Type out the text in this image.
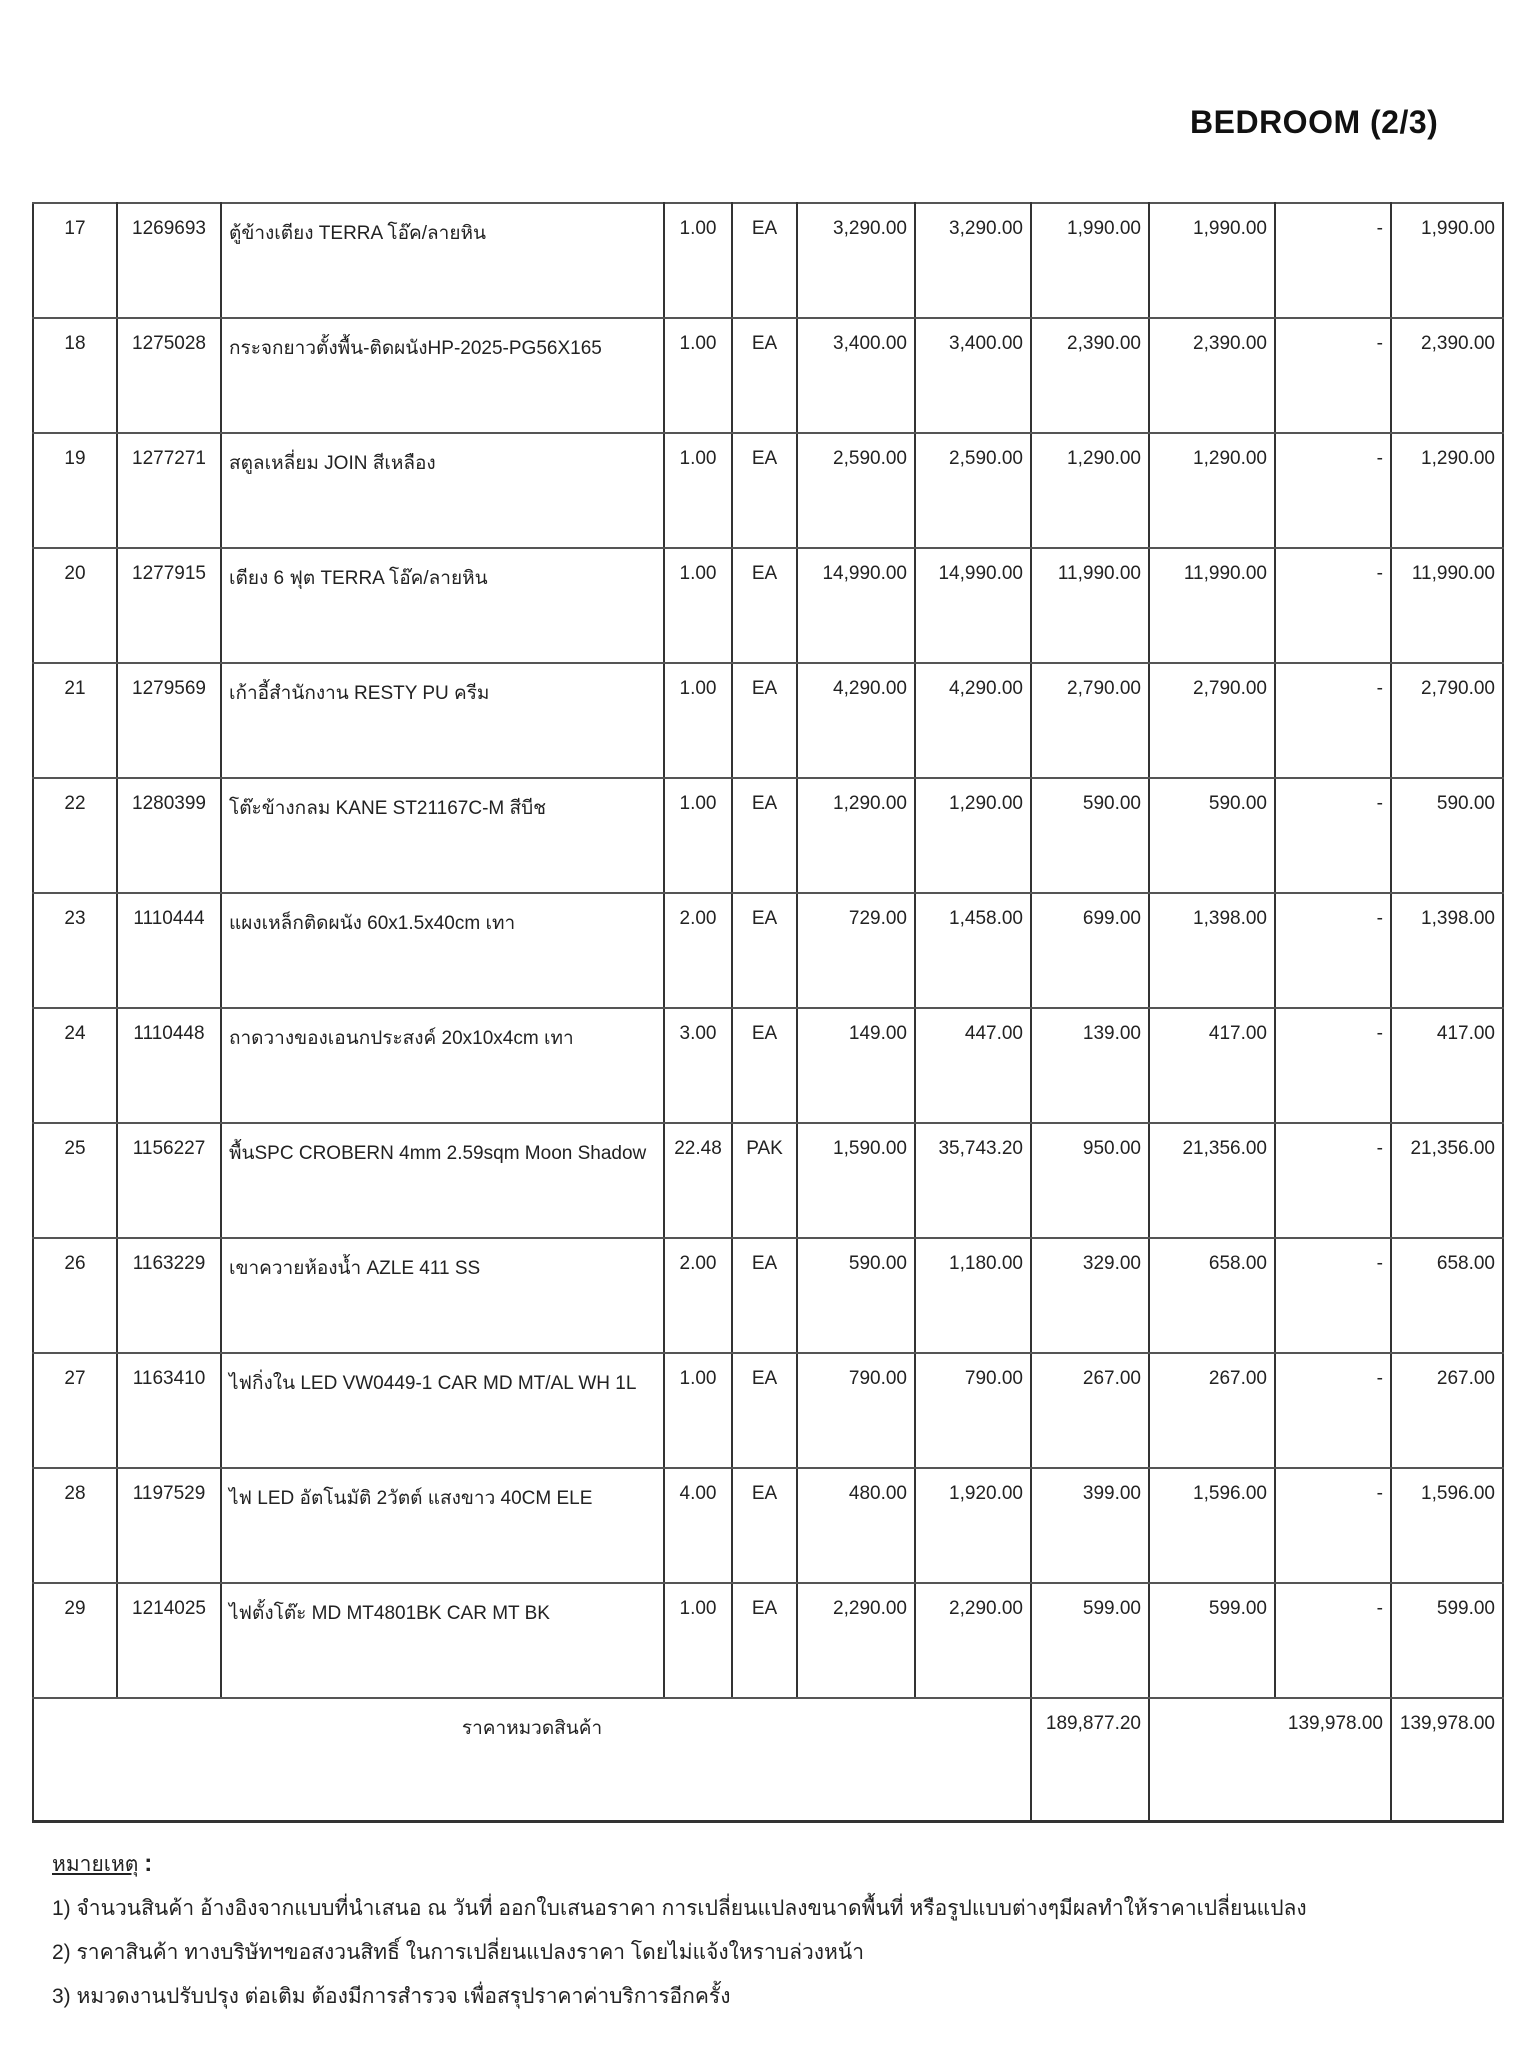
BEDROOM (2/3)
17	1269693	ตู้ข้างเตียง TERRA โอ๊ค/ลายหิน	1.00	EA	3,290.00	3,290.00	1,990.00	1,990.00	-	1,990.00
18	1275028	กระจกยาวตั้งพื้น-ติดผนังHP-2025-PG56X165	1.00	EA	3,400.00	3,400.00	2,390.00	2,390.00	-	2,390.00
19	1277271	สตูลเหลี่ยม JOIN สีเหลือง	1.00	EA	2,590.00	2,590.00	1,290.00	1,290.00	-	1,290.00
20	1277915	เตียง 6 ฟุต TERRA โอ๊ค/ลายหิน	1.00	EA	14,990.00	14,990.00	11,990.00	11,990.00	-	11,990.00
21	1279569	เก้าอี้สำนักงาน RESTY PU ครีม	1.00	EA	4,290.00	4,290.00	2,790.00	2,790.00	-	2,790.00
22	1280399	โต๊ะข้างกลม KANE ST21167C-M สีบีช	1.00	EA	1,290.00	1,290.00	590.00	590.00	-	590.00
23	1110444	แผงเหล็กติดผนัง 60x1.5x40cm เทา	2.00	EA	729.00	1,458.00	699.00	1,398.00	-	1,398.00
24	1110448	ถาดวางของเอนกประสงค์ 20x10x4cm เทา	3.00	EA	149.00	447.00	139.00	417.00	-	417.00
25	1156227	พื้นSPC CROBERN 4mm 2.59sqm Moon Shadow	22.48	PAK	1,590.00	35,743.20	950.00	21,356.00	-	21,356.00
26	1163229	เขาควายห้องน้ำ AZLE 411 SS	2.00	EA	590.00	1,180.00	329.00	658.00	-	658.00
27	1163410	ไฟกิ่งใน LED VW0449-1 CAR MD MT/AL WH 1L	1.00	EA	790.00	790.00	267.00	267.00	-	267.00
28	1197529	ไฟ LED อัตโนมัติ 2วัตต์ แสงขาว 40CM ELE	4.00	EA	480.00	1,920.00	399.00	1,596.00	-	1,596.00
29	1214025	ไฟตั้งโต๊ะ MD MT4801BK CAR MT BK	1.00	EA	2,290.00	2,290.00	599.00	599.00	-	599.00
ราคาหมวดสินค้า							189,877.20	139,978.00		139,978.00
หมายเหตุ :
1) จำนวนสินค้า อ้างอิงจากแบบที่นำเสนอ ณ วันที่ ออกใบเสนอราคา การเปลี่ยนแปลงขนาดพื้นที่ หรือรูปแบบต่างๆมีผลทำให้ราคาเปลี่ยนแปลง
2) ราคาสินค้า ทางบริษัทฯขอสงวนสิทธิ์ ในการเปลี่ยนแปลงราคา โดยไม่แจ้งใหราบล่วงหน้า
3) หมวดงานปรับปรุง ต่อเติม ต้องมีการสำรวจ เพื่อสรุปราคาค่าบริการอีกครั้ง
